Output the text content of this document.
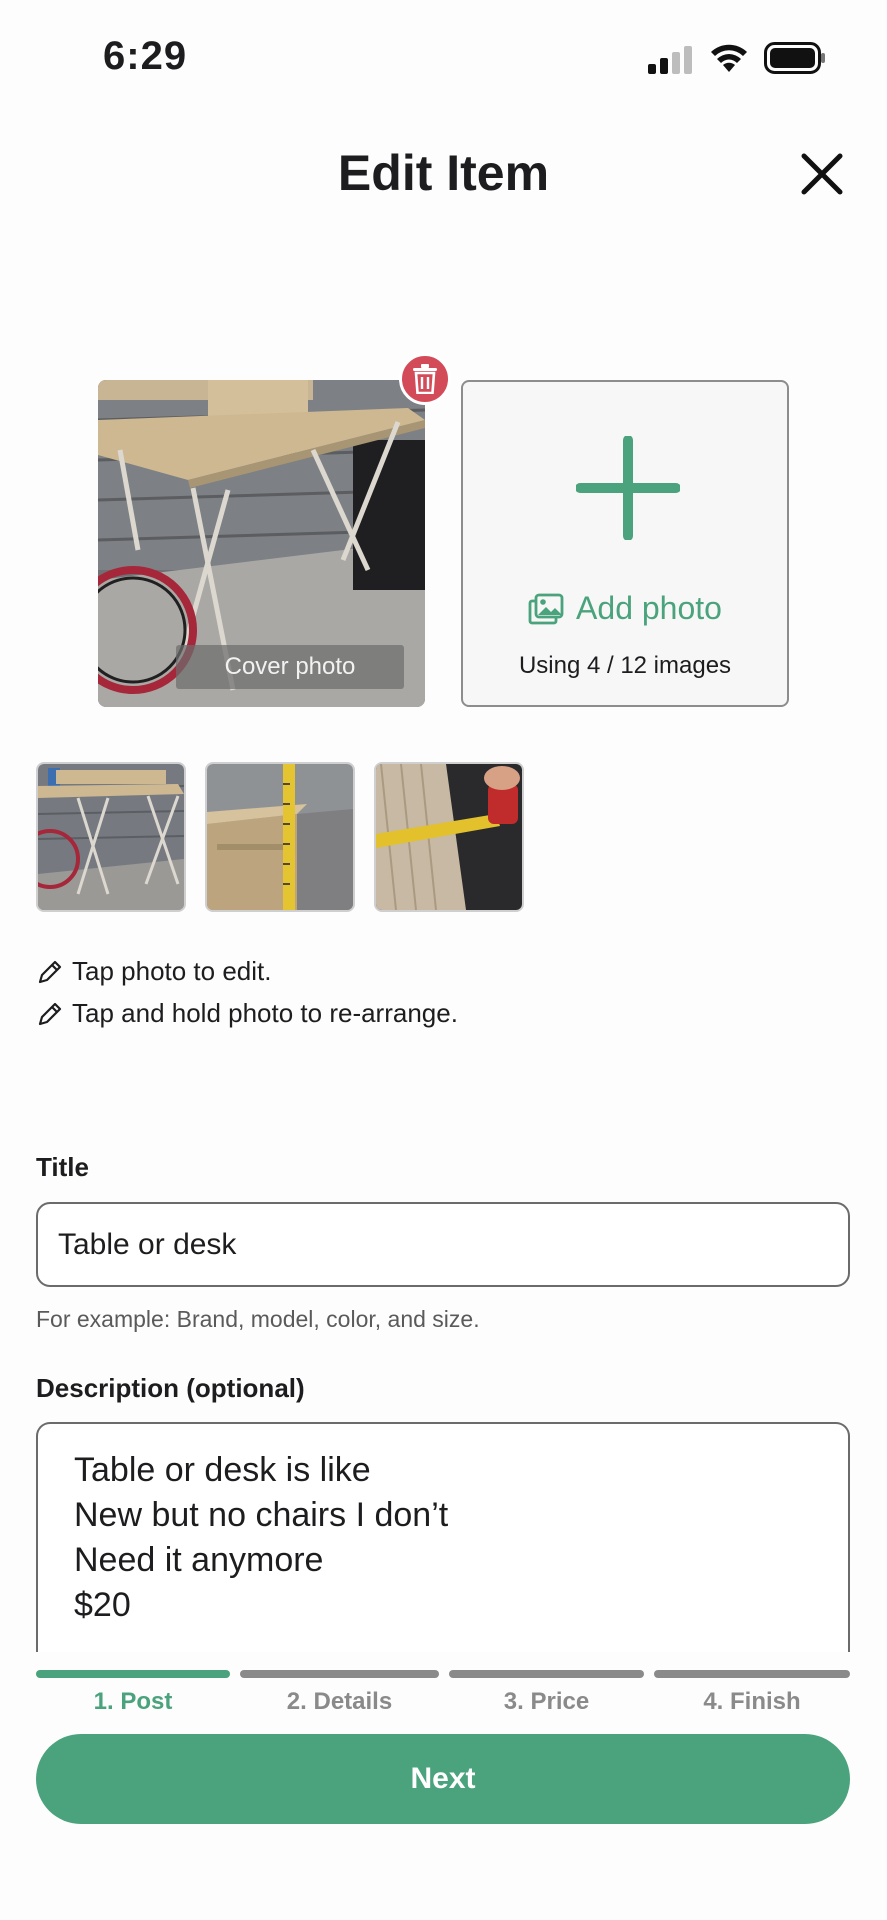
6:29
Edit Item
Cover photo
Add photo
Using 4 / 12 images
Tap photo to edit.
Tap and hold photo to re-arrange.
Title
Table or desk
For example: Brand, model, color, and size.
Description (optional)
Table or desk is like
New but no chairs I don’t
Need it anymore
$20
1. Post	2. Details	3. Price	4. Finish
Next
